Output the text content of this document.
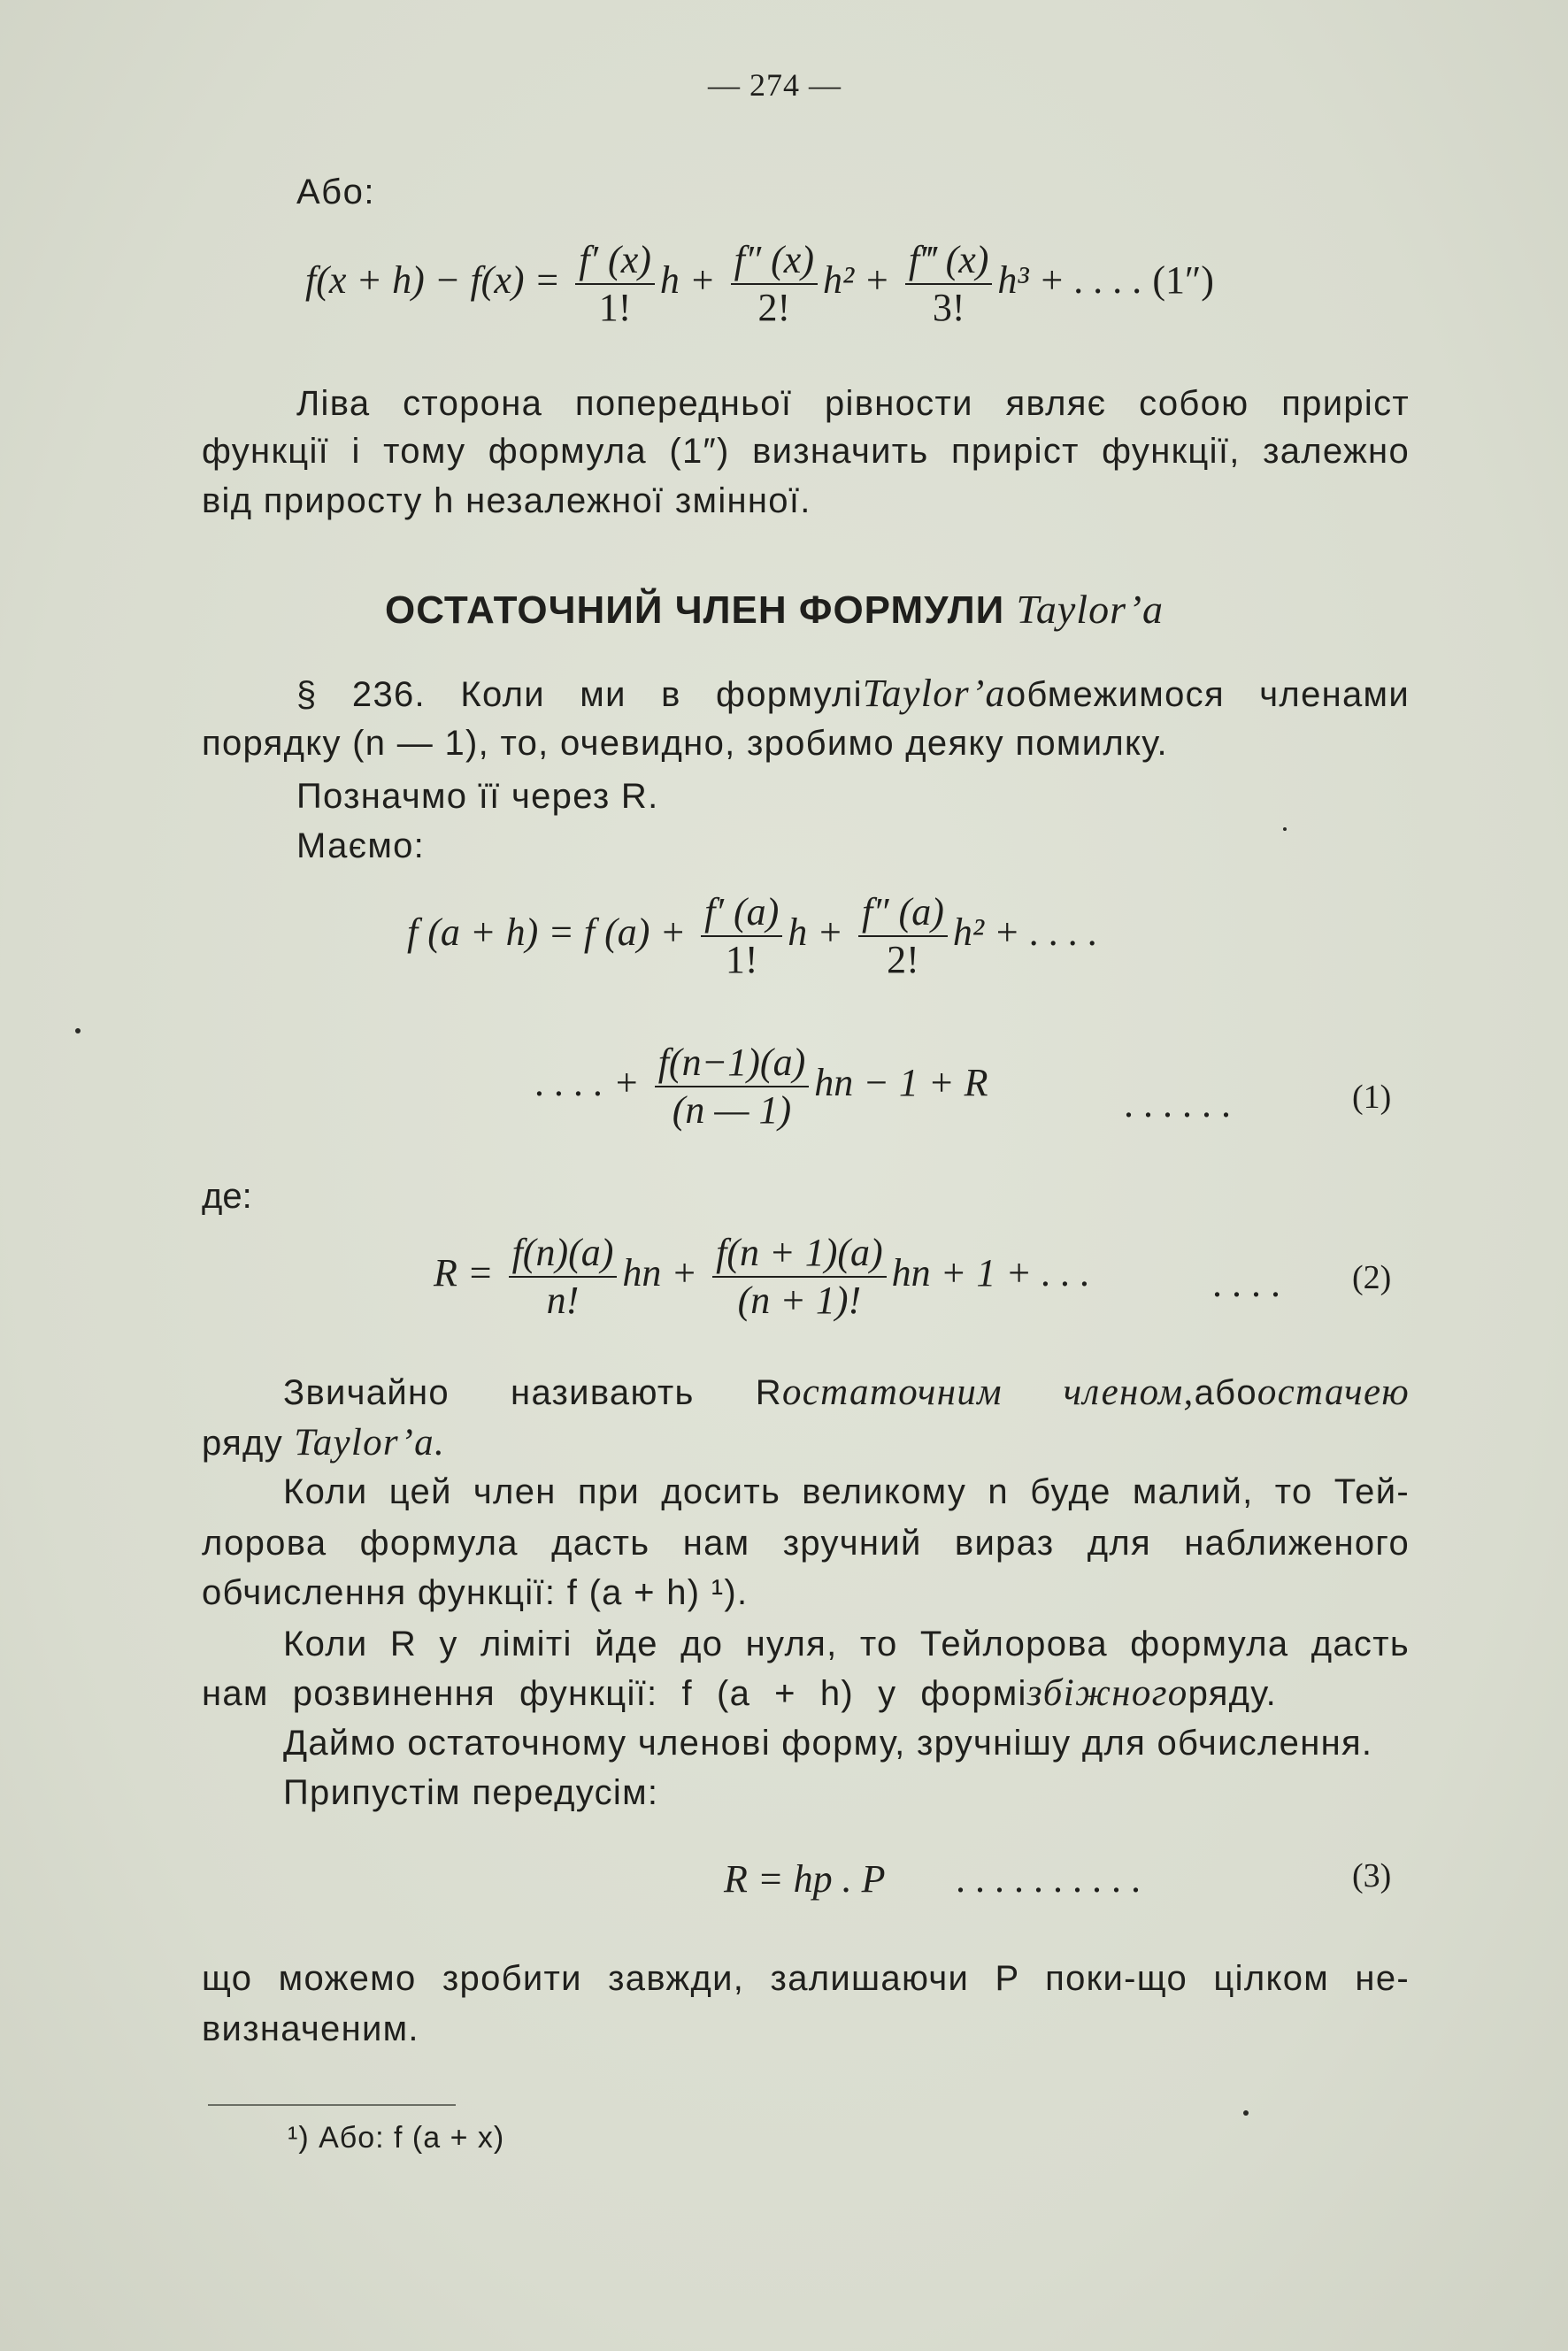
— 274 —
Або:
$f(x + h) - f(x) = \frac{f' (x)}{1!}$ $h + \frac{f'' (x)}{2!} h^2 + \frac{f‴ (x)}{3!} h^3$ + . . . . (1″)
Ліва сторона попередньої рівности являє собою приріст
функції і тому формула (1″) визначить приріст функції, залежно
від приросту h незалежної змінної.
ОСТАТОЧНИЙ ЧЛЕН ФОРМУЛИ Taylor’a
§ 236. Коли ми в формуліTaylor’aобмежимося членами
порядку (n — 1), то, очевидно, зробимо деяку помилку.
Позначмо її через R.
Маємо:
f (a + h) = f $(a) + \frac{f' (a)}{1!}$ $h + \frac{f'' (a)}{2!} h^2$ + . . . .
. . . . + $\frac{f(n-1)(a)}{(n — 1)}$ hn − 1 + R	. . . . . .	(1)
де:
$R = \frac{f(n)(a)}{n!}$ hn + $\frac{f(n + 1)(a)}{(n + 1)!}$ hn + 1 + . . .	. . . . (2)
Звичайно називають Rостаточним членом,абоостачею
ряду Taylor’a.
Коли цей член при досить великому n буде малий, то Тей-
лорова формула дасть нам зручний вираз для наближеного
обчислення функції: f (a + h) ¹).
Коли R у ліміті йде до нуля, то Тейлорова формула дасть
нам розвинення функції: f (a + h) у формізбіжногоряду.
Даймо остаточному членові форму, зручнішу для обчислення.
Припустім передусім:
R = hp . P . . . . . . . . . .	(3)
що можемо зробити завжди, залишаючи P поки-що цілком не-
визначеним.
¹) Або: f (a + x)
